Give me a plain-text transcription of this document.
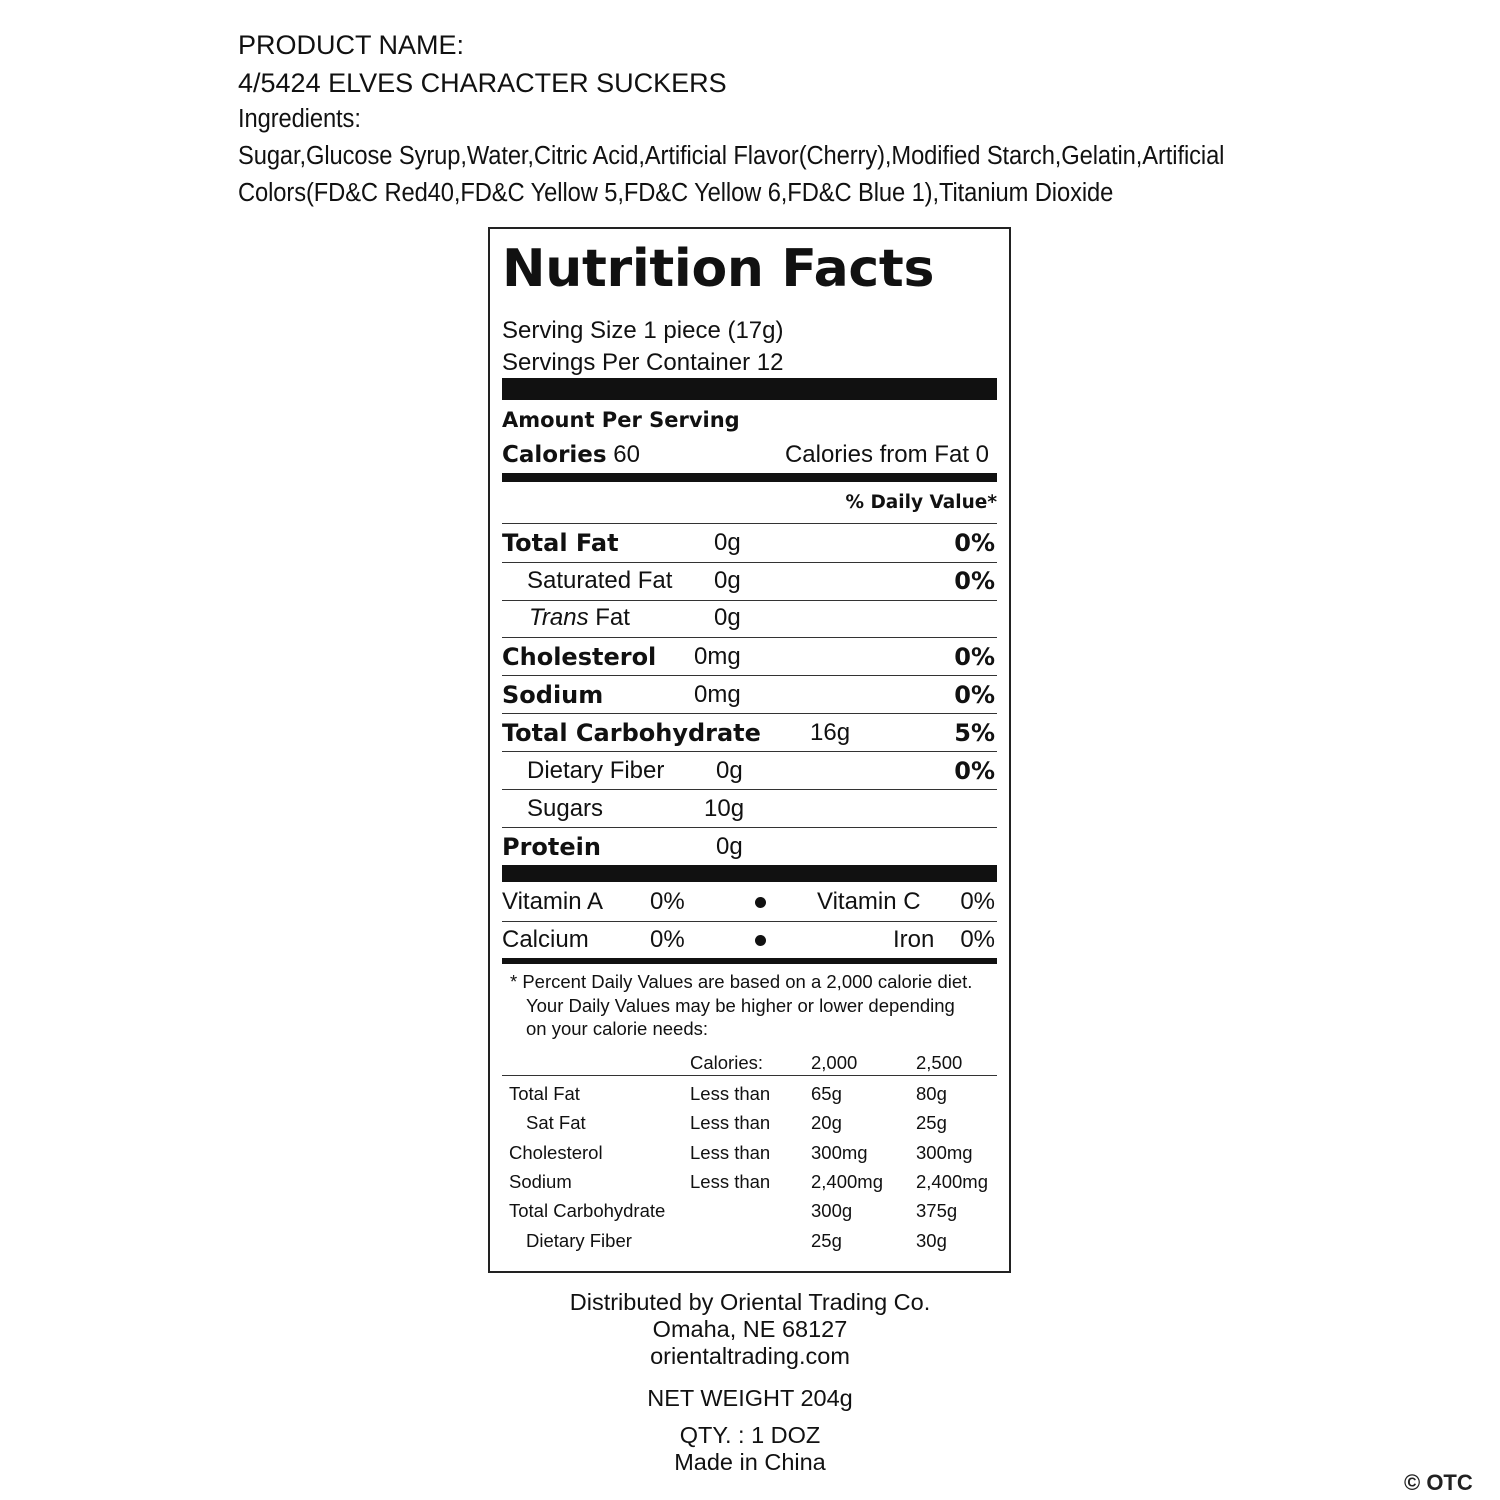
PRODUCT NAME:
4/5424 ELVES CHARACTER SUCKERS
Ingredients:
Sugar,Glucose Syrup,Water,Citric Acid,Artificial Flavor(Cherry),Modified Starch,Gelatin,Artificial
Colors(FD&C Red40,FD&C Yellow 5,FD&C Yellow 6,FD&C Blue 1),Titanium Dioxide
Nutrition Facts
Serving Size 1 piece (17g)
Servings Per Container 12
Amount Per Serving
Calories 60	Calories from Fat 0
% Daily Value*
Total Fat	0g	0%
Saturated Fat 0g	0%
Trans Fat	0g
Cholesterol 0mg	0%
Sodium	0mg	0%
Total Carbohydrate 16g	5%
Dietary Fiber 0g	0%
Sugars	10g
Protein	0g
Vitamin A 0%	Vitamin C 0%
Calcium	0%	Iron 0%
* Percent Daily Values are based on a 2,000 calorie diet.
Your Daily Values may be higher or lower depending
on your calorie needs:
Calories:	2,000	2,500
Total Fat	Less than 65g	80g
Sat Fat	Less than 20g	25g
Cholesterol	Less than 300mg	300mg
Sodium	Less than 2,400mg 2,400mg
Total Carbohydrate	300g	375g
Dietary Fiber	25g	30g
Distributed by Oriental Trading Co.
Omaha, NE 68127
orientaltrading.com
NET WEIGHT 204g
QTY. : 1 DOZ
Made in China
© OTC
